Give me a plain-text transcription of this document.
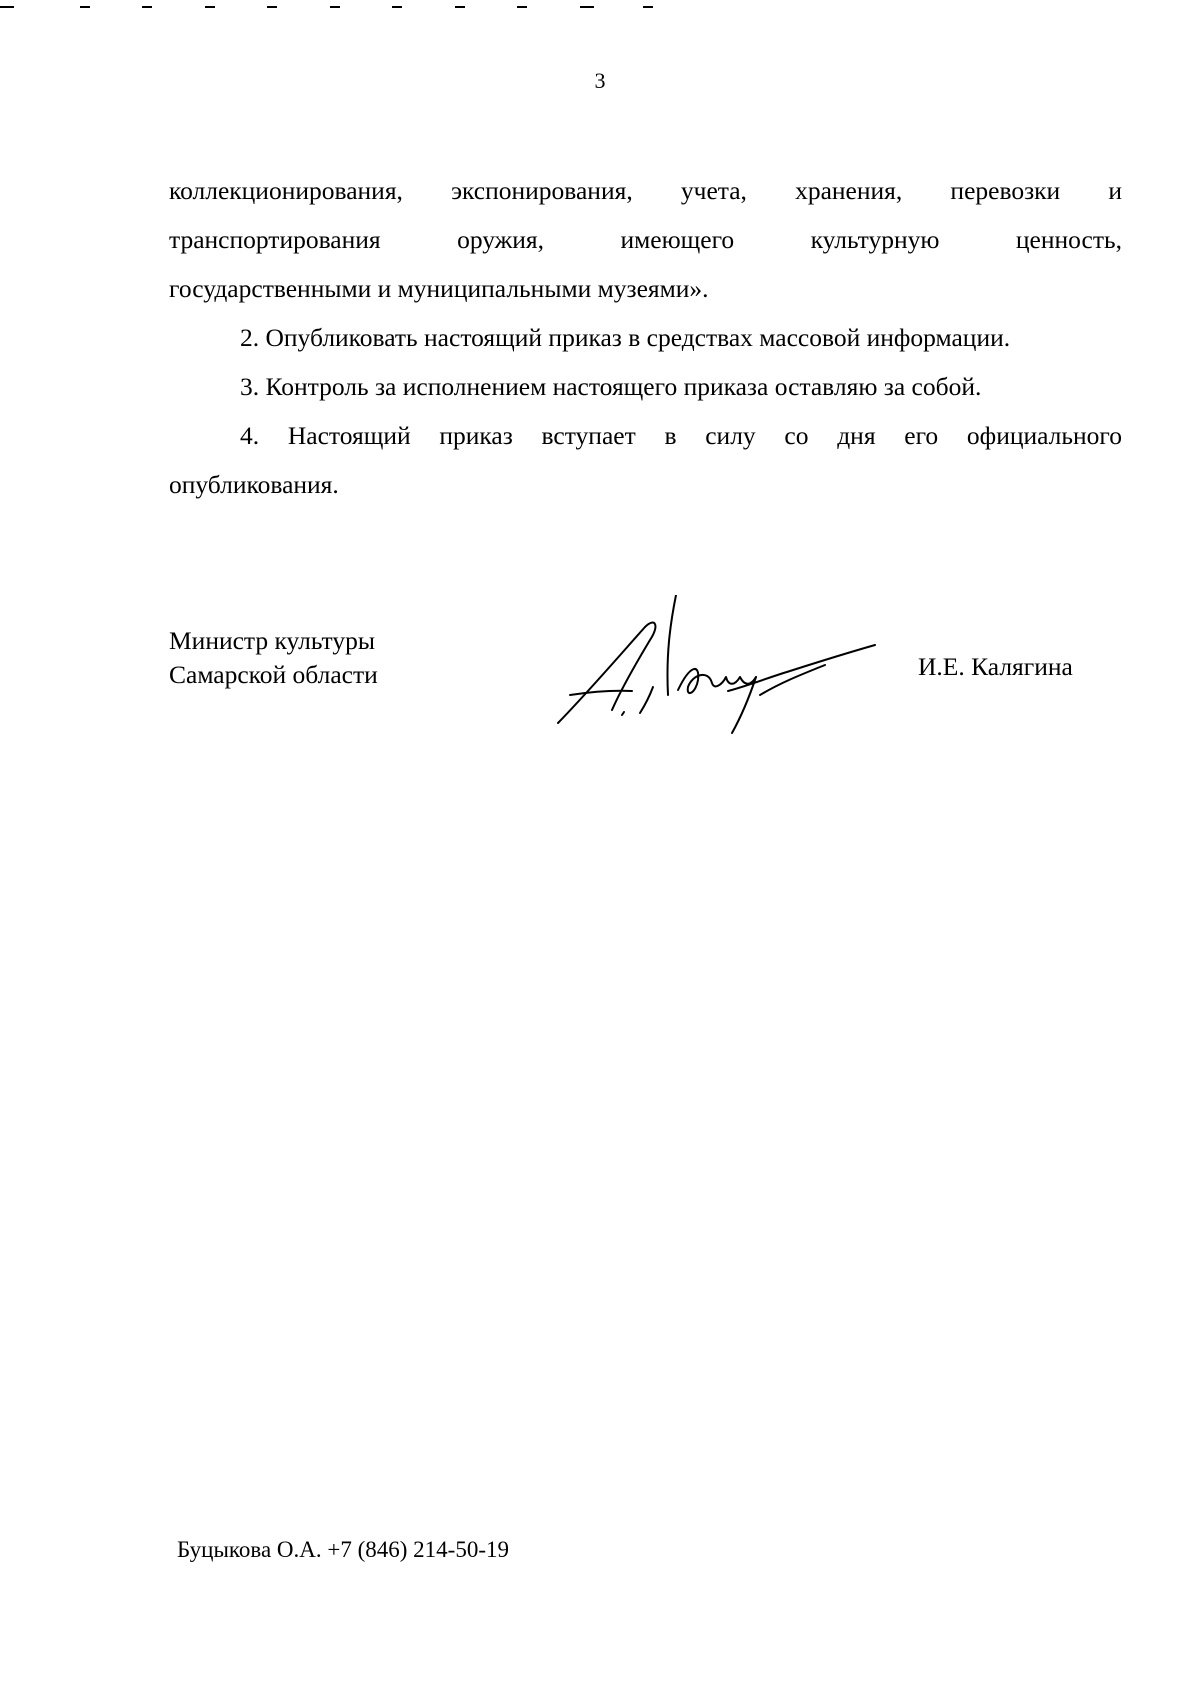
3
коллекционирования, экспонирования, учета, хранения, перевозки и
транспортирования	оружия,	имеющего	культурную	ценность,
государственными и муниципальными музеями».
2. Опубликовать настоящий приказ в средствах массовой информации.
3. Контроль за исполнением настоящего приказа оставляю за собой.
4. Настоящий приказ вступает в силу со дня его официального
опубликования.
Министр культуры
Самарской области	И.Е. Калягина
Буцыкова О.А. +7 (846) 214-50-19
